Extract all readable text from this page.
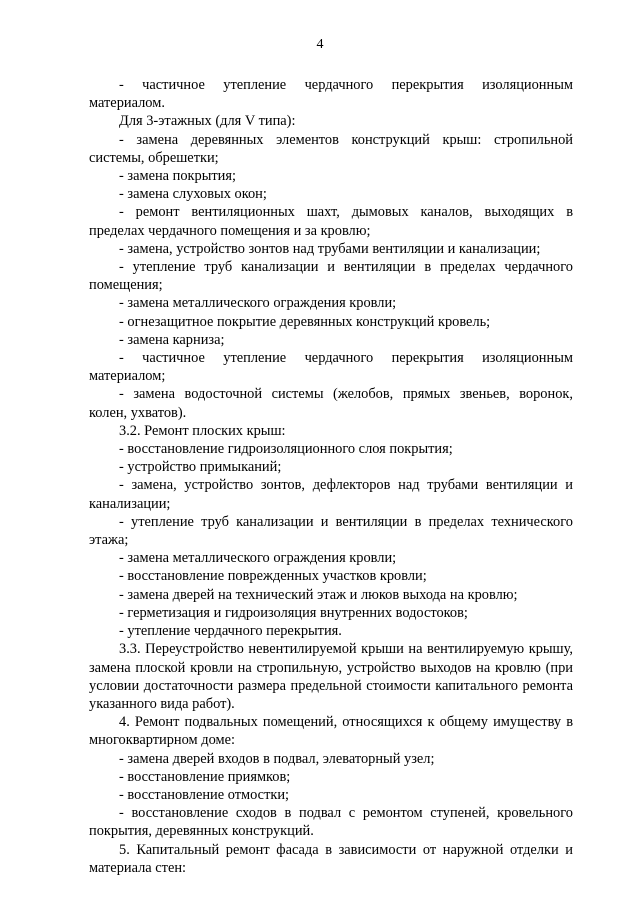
4

- частичное утепление чердачного перекрытия изоляционным материалом.

Для 3-этажных (для V типа):

- замена деревянных элементов конструкций крыш: стропильной системы, обрешетки;

- замена покрытия;

- замена слуховых окон;

- ремонт вентиляционных шахт, дымовых каналов, выходящих в пределах чердачного помещения и за кровлю;

- замена, устройство зонтов над трубами вентиляции и канализации;

- утепление труб канализации и вентиляции в пределах чердачного помещения;

- замена металлического ограждения кровли;

- огнезащитное покрытие деревянных конструкций кровель;

- замена карниза;

- частичное утепление чердачного перекрытия изоляционным материалом;

- замена водосточной системы (желобов, прямых звеньев, воронок, колен, ухватов).

3.2. Ремонт плоских крыш:

- восстановление гидроизоляционного слоя покрытия;

- устройство примыканий;

- замена, устройство зонтов, дефлекторов над трубами вентиляции и канализации;

- утепление труб канализации и вентиляции в пределах технического этажа;

- замена металлического ограждения кровли;

- восстановление поврежденных участков кровли;

- замена дверей на технический этаж и люков выхода на кровлю;

- герметизация и гидроизоляция внутренних водостоков;

- утепление чердачного перекрытия.

3.3. Переустройство невентилируемой крыши на вентилируемую крышу, замена плоской кровли на стропильную, устройство выходов на кровлю (при условии достаточности размера предельной стоимости капитального ремонта указанного вида работ).

4. Ремонт подвальных помещений, относящихся к общему имуществу в многоквартирном доме:

- замена дверей входов в подвал, элеваторный узел;

- восстановление приямков;

- восстановление отмостки;

- восстановление сходов в подвал с ремонтом ступеней, кровельного покрытия, деревянных конструкций.

5. Капитальный ремонт фасада в зависимости от наружной отделки и материала стен:
